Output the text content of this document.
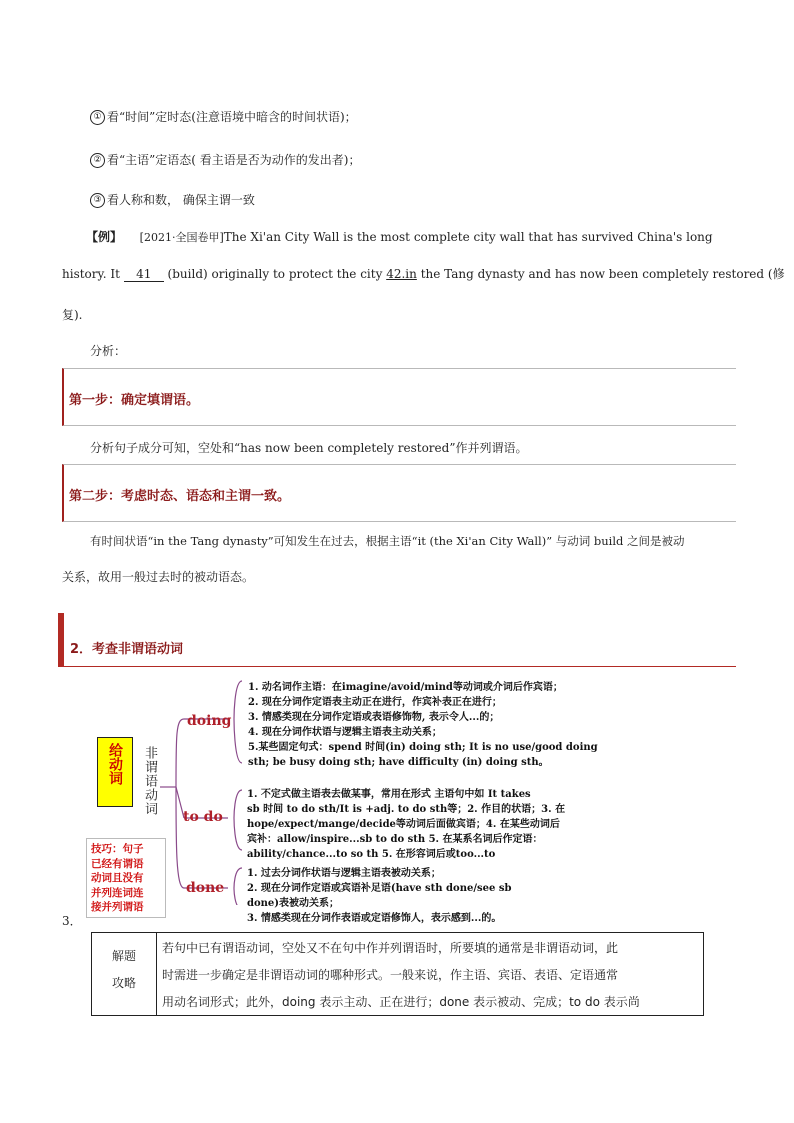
① 看“时间”定时态(注意语境中暗含的时间状语)；
② 看“主语”定语态( 看主语是否为动作的发出者)；
③ 看人称和数， 确保主谓一致
【例】 [2021·全国卷甲]The Xi'an City Wall is the most complete city wall that has survived China's long
history. It 41 (build) originally to protect the city 42.in the Tang dynasty and has now been completely restored (修
复).
分析：
第一步：确定填谓语。
分析句子成分可知，空处和“has now been completely restored”作并列谓语。
第二步：考虑时态、语态和主谓一致。
有时间状语“in the Tang dynasty”可知发生在过去，根据主语“it (the Xi'an City Wall)” 与动词 build 之间是被动
关系，故用一般过去时的被动语态。
2．考查非谓语动词
给动词 非谓语动词
技巧：句子
已经有谓语
动词且没有
并列连词连
接并列谓语
doing
to do
done
1. 动名词作主语：在imagine/avoid/mind等动词或介词后作宾语；
2. 现在分词作定语表主动正在进行，作宾补表正在进行；
3. 情感类现在分词作定语或表语修饰物, 表示令人...的；
4. 现在分词作状语与逻辑主语表主动关系；
5.某些固定句式：spend 时间(in) doing sth; It is no use/good doing
sth; be busy doing sth; have difficulty (in) doing sth。
1. 不定式做主语表去做某事，常用在形式 主语句中如 It takes
sb 时间 to do sth/It is +adj. to do sth等；2. 作目的状语；3. 在
hope/expect/mange/decide等动词后面做宾语；4. 在某些动词后
宾补：allow/inspire...sb to do sth 5. 在某系名词后作定语：
ability/chance...to so th 5. 在形容词后或too...to
1. 过去分词作状语与逻辑主语表被动关系；
2. 现在分词作定语或宾语补足语(have sth done/see sb
done)表被动关系；
3. 情感类现在分词作表语或定语修饰人，表示感到...的。
3．
解题
攻略
若句中已有谓语动词，空处又不在句中作并列谓语时，所要填的通常是非谓语动词，此
时需进一步确定是非谓语动词的哪种形式。一般来说，作主语、宾语、表语、定语通常
用动名词形式；此外，doing 表示主动、正在进行；done 表示被动、完成；to do 表示尚
